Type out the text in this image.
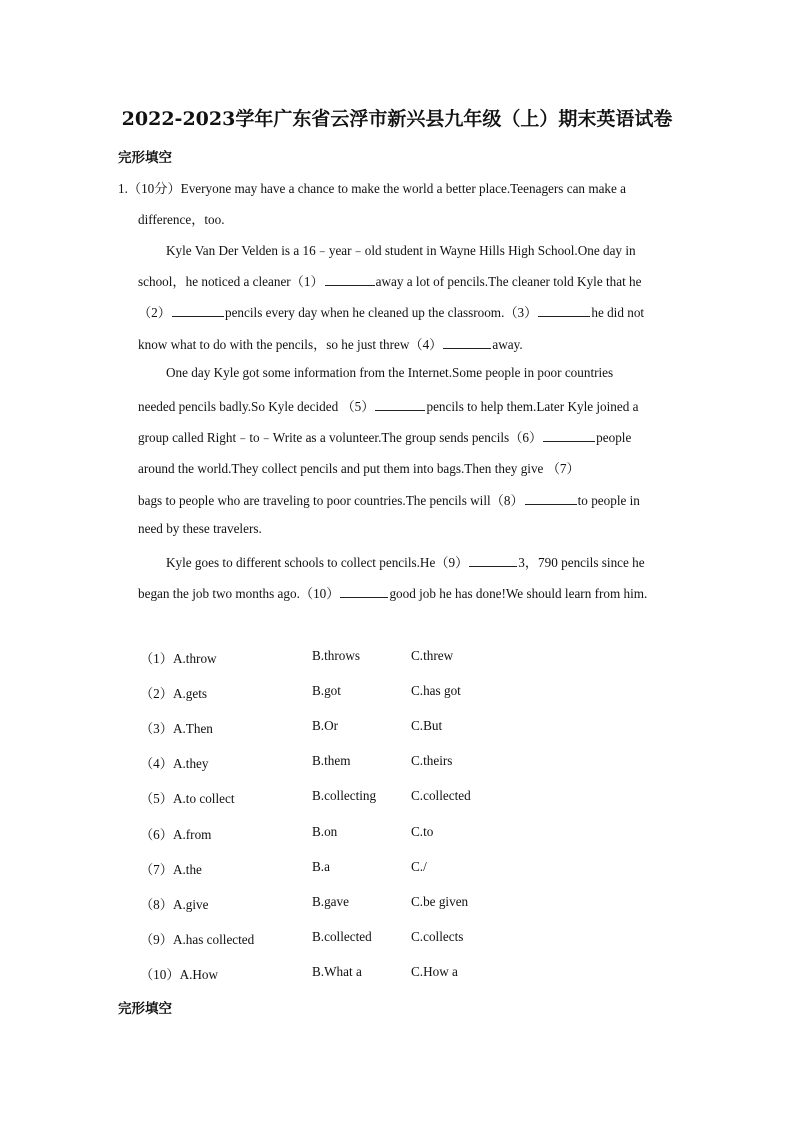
2022-2023学年广东省云浮市新兴县九年级（上）期末英语试卷
完形填空
1.（10分）Everyone may have a chance to make the world a better place.Teenagers can make a
difference，too.
Kyle Van Der Velden is a 16﹣year﹣old student in Wayne Hills High School.One day in
school，he noticed a cleaner（1）	away a lot of pencils.The cleaner told Kyle that he
（2）	pencils every day when he cleaned up the classroom.（3）	he did not
know what to do with the pencils，so he just threw（4）	away.
One day Kyle got some information from the Internet.Some people in poor countries
needed pencils badly.So Kyle decided （5）	pencils to help them.Later Kyle joined a
group called Right﹣to﹣Write as a volunteer.The group sends pencils（6）	people
around the world.They collect pencils and put them into bags.Then they give （7）
bags to people who are traveling to poor countries.The pencils will（8）	to people in
need by these travelers.
Kyle goes to different schools to collect pencils.He（9）	3，790 pencils since he
began the job two months ago.（10）	good job he has done!We should learn from him.
（1）A.throw	B.throws	C.threw
（2）A.gets	B.got	C.has got
（3）A.Then	B.Or	C.But
（4）A.they	B.them	C.theirs
（5）A.to collect	B.collecting	C.collected
（6）A.from	B.on	C.to
（7）A.the	B.a	C./
（8）A.give	B.gave	C.be given
（9）A.has collected	B.collected	C.collects
（10）A.How	B.What a	C.How a
完形填空
